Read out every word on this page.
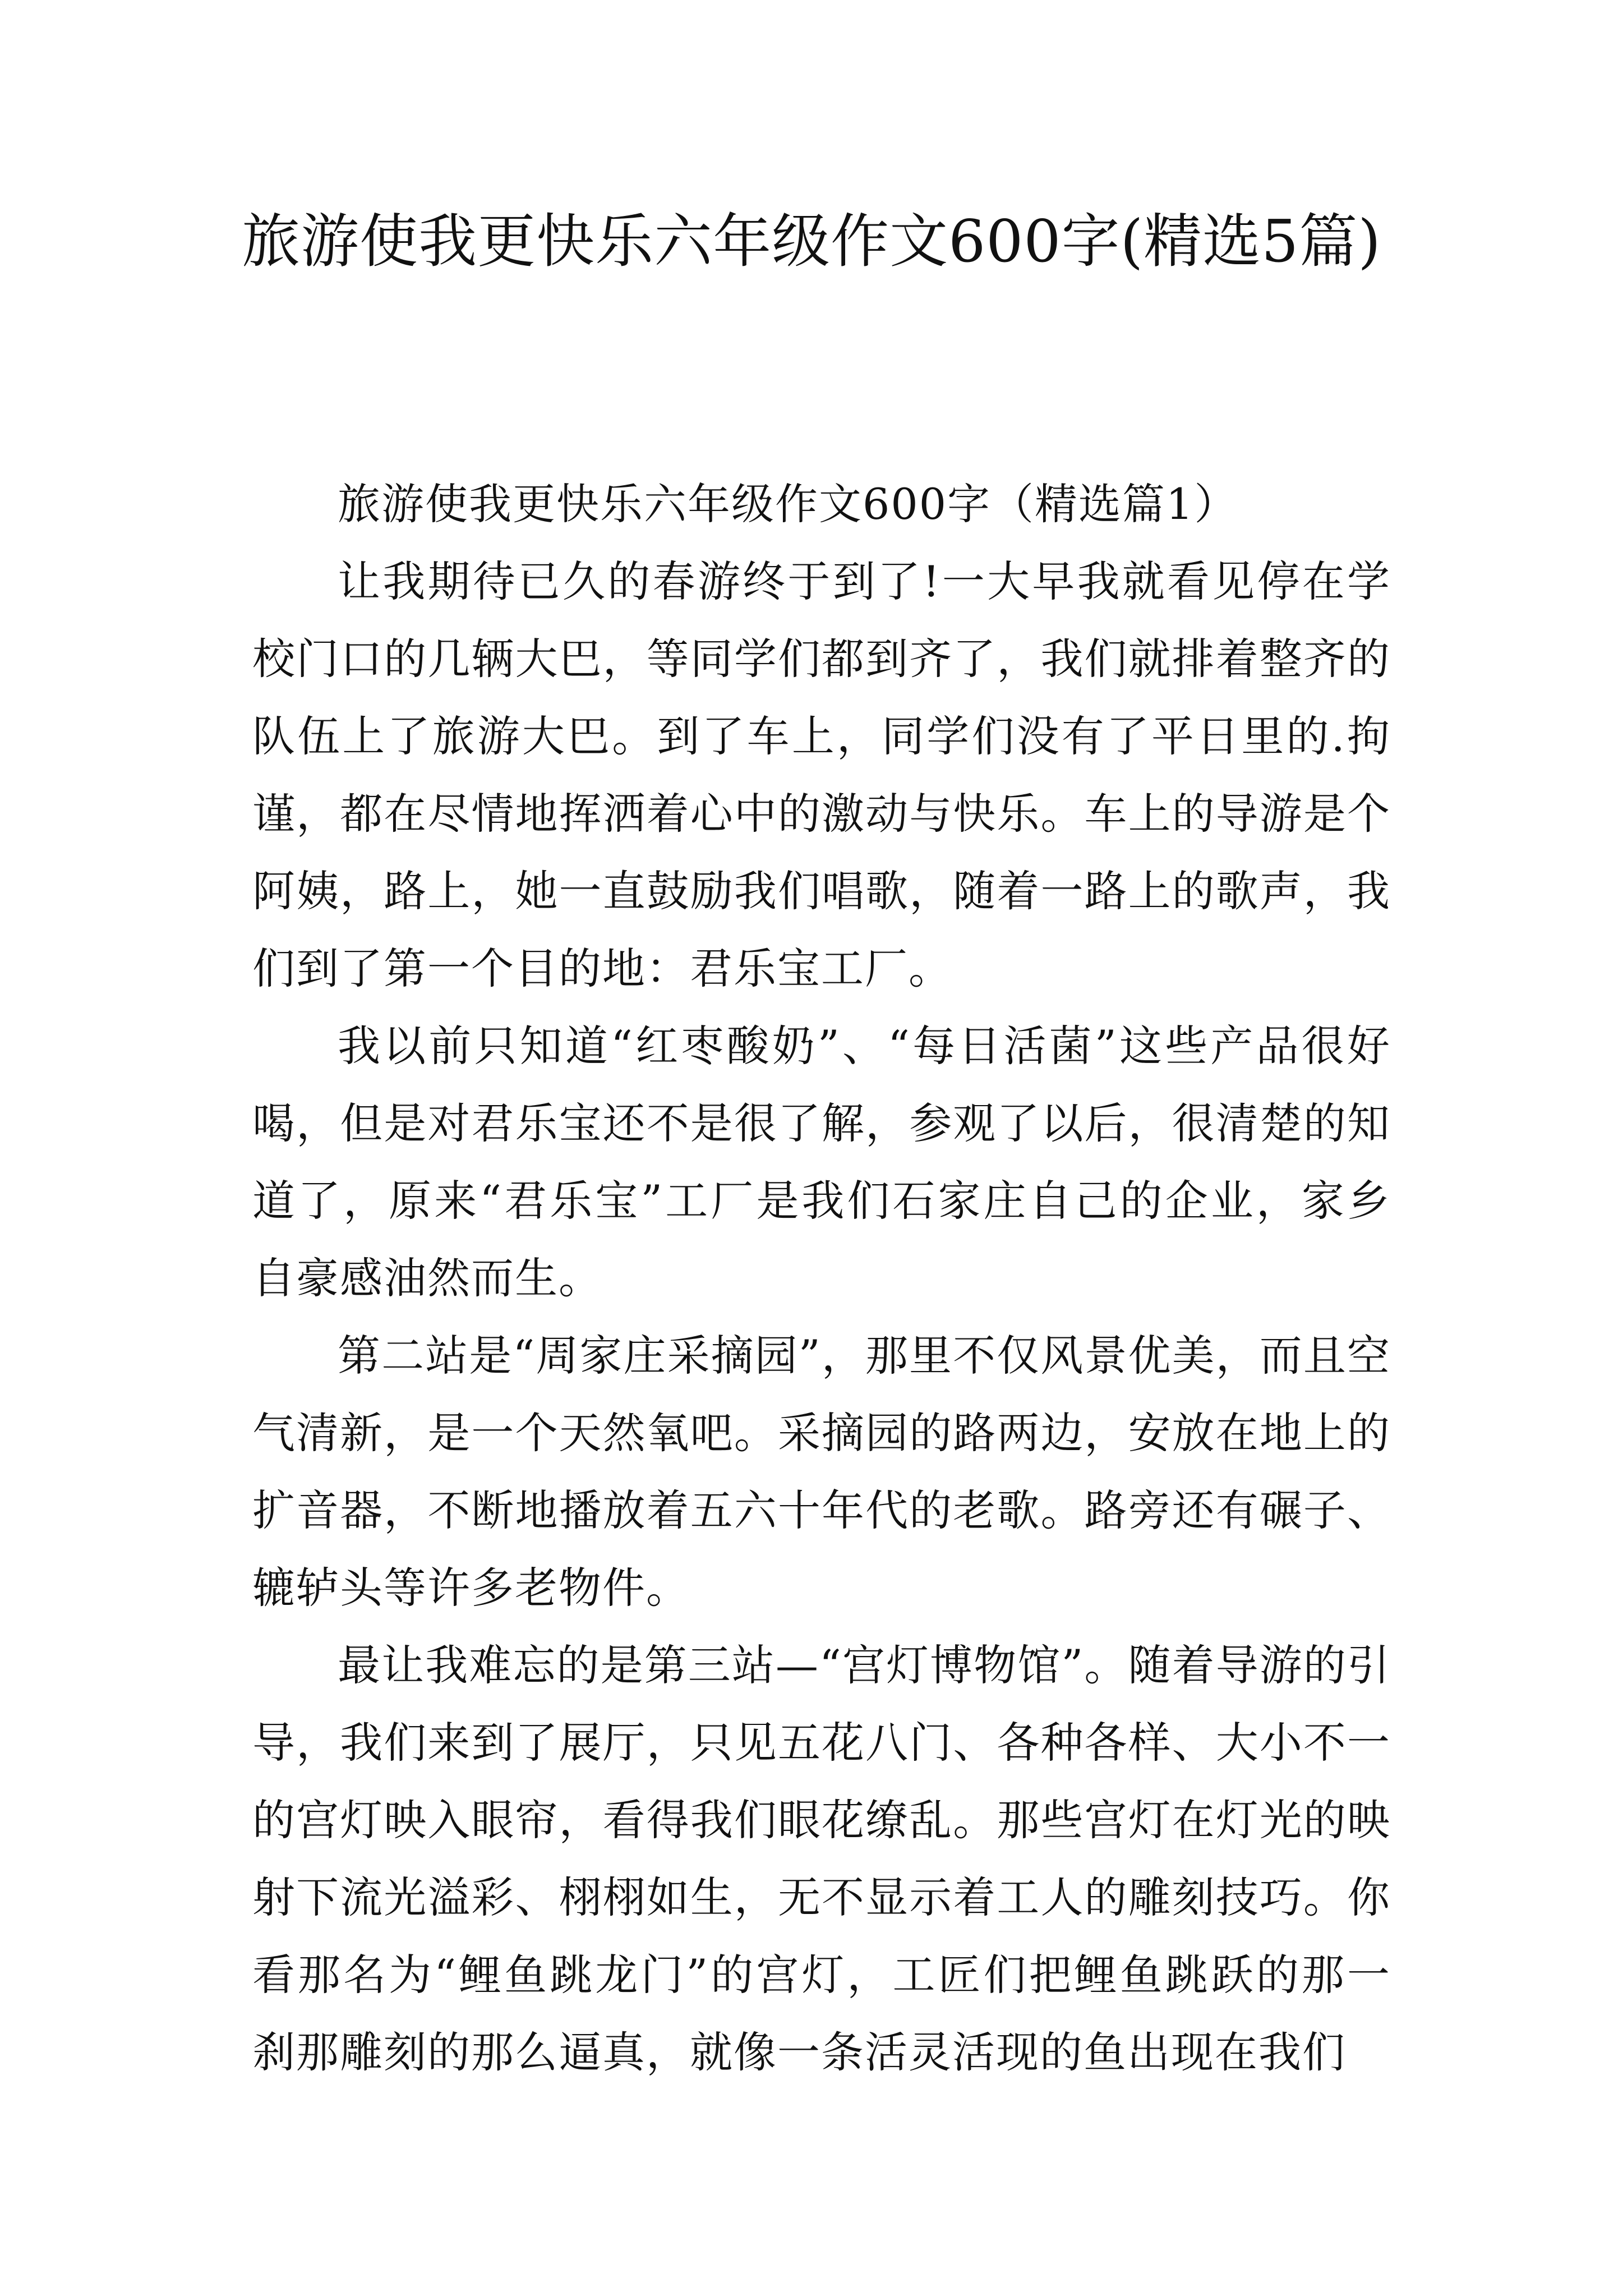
旅游使我更快乐六年级作文600字(精选5篇)

旅游使我更快乐六年级作文600字（精选篇1）

让我期待已久的春游终于到了!一大早我就看见停在学校门口的几辆大巴，等同学们都到齐了，我们就排着整齐的队伍上了旅游大巴。到了车上，同学们没有了平日里的.拘谨，都在尽情地挥洒着心中的激动与快乐。车上的导游是个阿姨，路上，她一直鼓励我们唱歌，随着一路上的歌声，我们到了第一个目的地：君乐宝工厂。

我以前只知道“红枣酸奶”、“每日活菌”这些产品很好喝，但是对君乐宝还不是很了解，参观了以后，很清楚的知道了，原来“君乐宝”工厂是我们石家庄自己的企业，家乡自豪感油然而生。

第二站是“周家庄采摘园”，那里不仅风景优美，而且空气清新，是一个天然氧吧。采摘园的路两边，安放在地上的扩音器，不断地播放着五六十年代的老歌。路旁还有碾子、辘轳头等许多老物件。

最让我难忘的是第三站—“宫灯博物馆”。随着导游的引导，我们来到了展厅，只见五花八门、各种各样、大小不一的宫灯映入眼帘，看得我们眼花缭乱。那些宫灯在灯光的映射下流光溢彩、栩栩如生，无不显示着工人的雕刻技巧。你看那名为“鲤鱼跳龙门”的宫灯，工匠们把鲤鱼跳跃的那一刹那雕刻的那么逼真，就像一条活灵活现的鱼出现在我们
